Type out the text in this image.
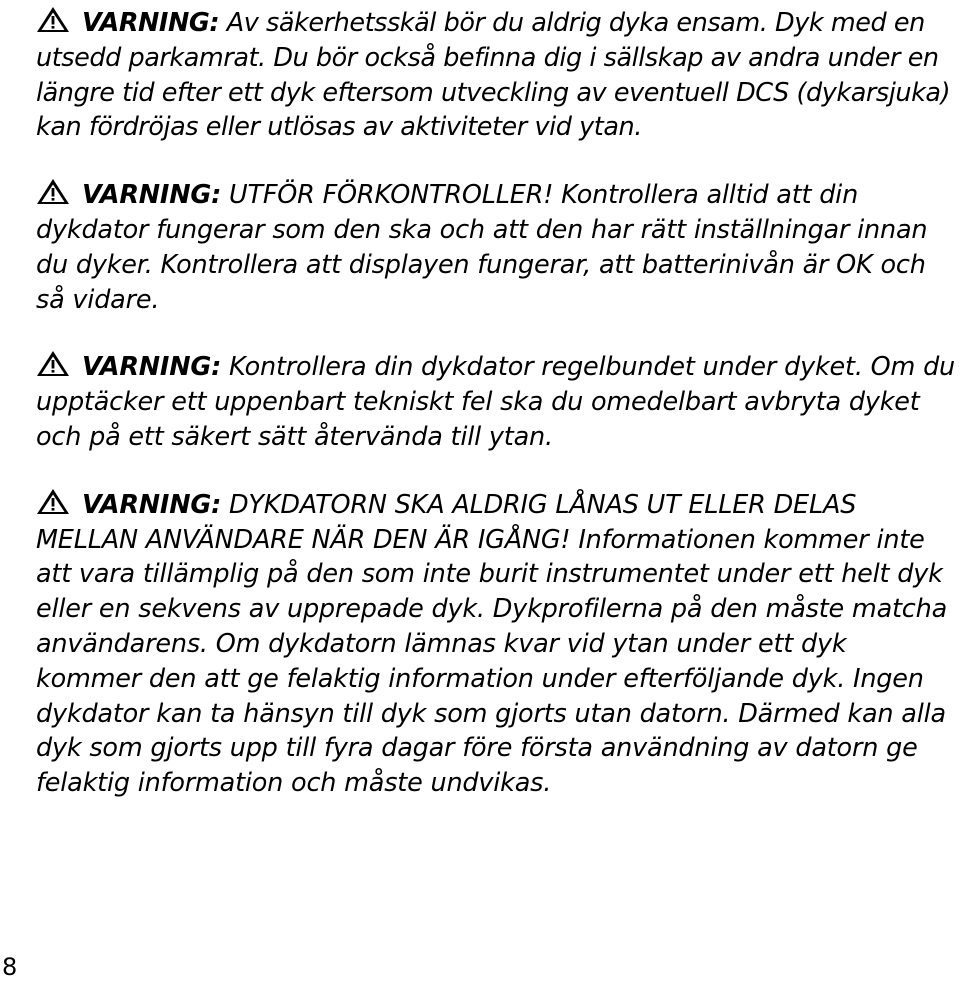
VARNING: Av säkerhetsskäl bör du aldrig dyka ensam. Dyk med en utsedd parkamrat. Du bör också befinna dig i sällskap av andra under en längre tid efter ett dyk eftersom utveckling av eventuell DCS (dykarsjuka) kan fördröjas eller utlösas av aktiviteter vid ytan.

VARNING: UTFÖR FÖRKONTROLLER! Kontrollera alltid att din dykdator fungerar som den ska och att den har rätt inställningar innan du dyker. Kontrollera att displayen fungerar, att batterinivån är OK och så vidare.

VARNING: Kontrollera din dykdator regelbundet under dyket. Om du upptäcker ett uppenbart tekniskt fel ska du omedelbart avbryta dyket och på ett säkert sätt återvända till ytan.

VARNING: DYKDATORN SKA ALDRIG LÅNAS UT ELLER DELAS MELLAN ANVÄNDARE NÄR DEN ÄR IGÅNG! Informationen kommer inte att vara tillämplig på den som inte burit instrumentet under ett helt dyk eller en sekvens av upprepade dyk. Dykprofilerna på den måste matcha användarens. Om dykdatorn lämnas kvar vid ytan under ett dyk kommer den att ge felaktig information under efterföljande dyk. Ingen dykdator kan ta hänsyn till dyk som gjorts utan datorn. Därmed kan alla dyk som gjorts upp till fyra dagar före första användning av datorn ge felaktig information och måste undvikas.

8
